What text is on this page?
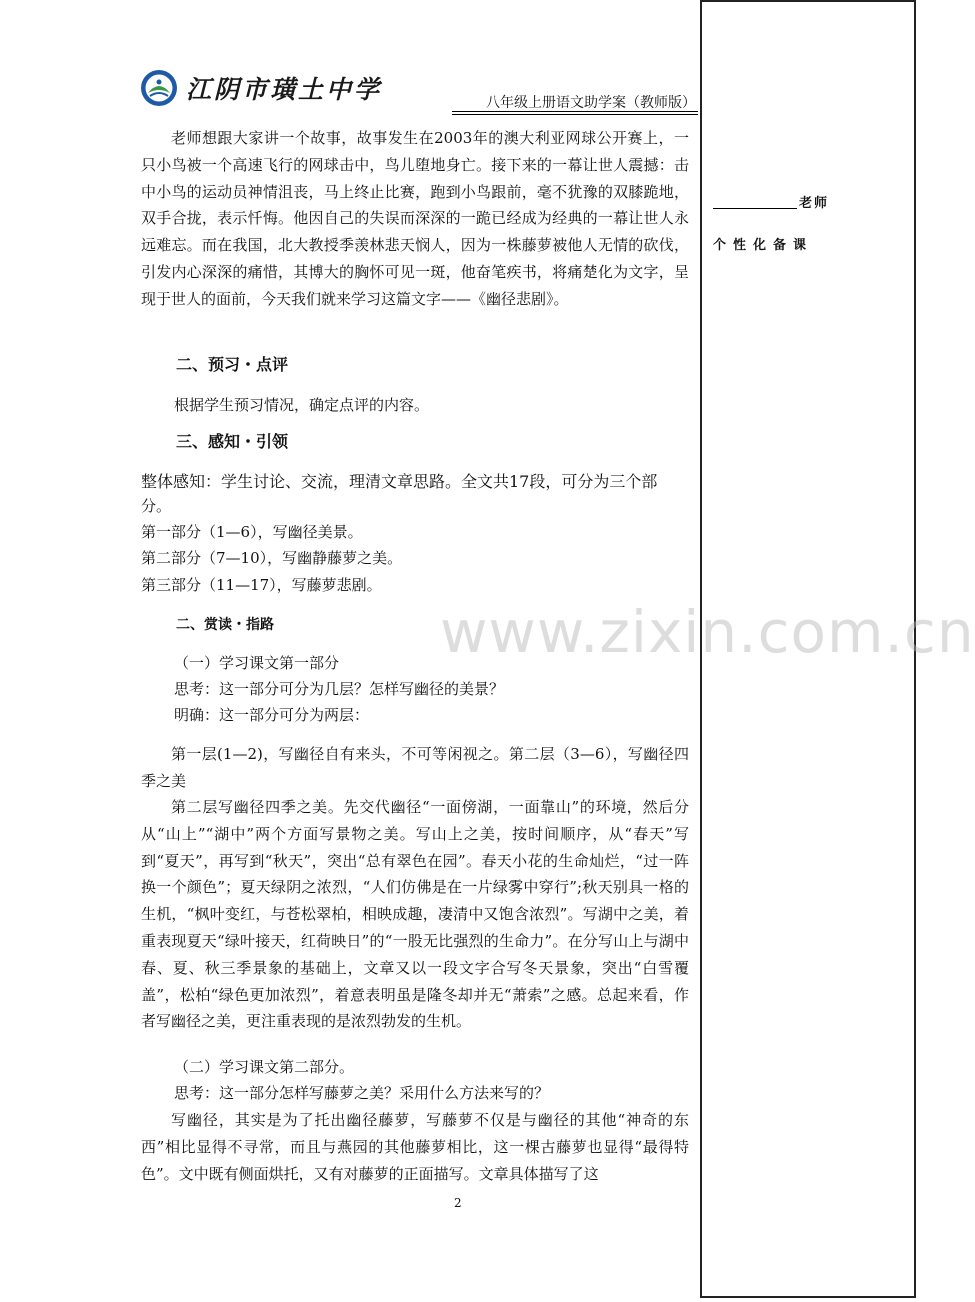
江阴市璜土中学	八年级上册语文助学案（教师版）
老师
个性化备课
老师想跟大家讲一个故事，故事发生在2003年的澳大利亚网球公开赛上，一只小鸟被一个高速飞行的网球击中，鸟儿堕地身亡。接下来的一幕让世人震撼：击中小鸟的运动员神情沮丧，马上终止比赛，跑到小鸟跟前，毫不犹豫的双膝跪地，双手合拢，表示忏悔。他因自己的失误而深深的一跪已经成为经典的一幕让世人永远难忘。而在我国，北大教授季羡林悲天悯人，因为一株藤萝被他人无情的砍伐，引发内心深深的痛惜，其博大的胸怀可见一斑，他奋笔疾书，将痛楚化为文字，呈现于世人的面前，今天我们就来学习这篇文字——《幽径悲剧》。
二、预习・点评
根据学生预习情况，确定点评的内容。
三、感知・引领
整体感知：学生讨论、交流，理清文章思路。全文共17段，可分为三个部
分。
第一部分（1—6），写幽径美景。
第二部分（7—10），写幽静藤萝之美。
第三部分（11—17），写藤萝悲剧。
二、赏读・指路
（一）学习课文第一部分
思考：这一部分可分为几层？怎样写幽径的美景？
明确：这一部分可分为两层：
第一层(1—2)，写幽径自有来头，不可等闲视之。第二层（3—6），写幽径四季之美
第二层写幽径四季之美。先交代幽径“一面傍湖，一面靠山”的环境，然后分从“山上”“湖中”两个方面写景物之美。写山上之美，按时间顺序，从“春天”写到“夏天”，再写到“秋天”，突出“总有翠色在园”。春天小花的生命灿烂，“过一阵换一个颜色”；夏天绿阴之浓烈，“人们仿佛是在一片绿雾中穿行”;秋天别具一格的生机，“枫叶变红，与苍松翠柏，相映成趣，凄清中又饱含浓烈”。写湖中之美，着重表现夏天“绿叶接天，红荷映日”的“一股无比强烈的生命力”。在分写山上与湖中春、夏、秋三季景象的基础上，文章又以一段文字合写冬天景象，突出“白雪覆盖”，松柏“绿色更加浓烈”，着意表明虽是隆冬却并无“萧索”之感。总起来看，作者写幽径之美，更注重表现的是浓烈勃发的生机。
（二）学习课文第二部分。
思考：这一部分怎样写藤萝之美？采用什么方法来写的？
写幽径，其实是为了托出幽径藤萝，写藤萝不仅是与幽径的其他“神奇的东西”相比显得不寻常，而且与燕园的其他藤萝相比，这一棵古藤萝也显得“最得特色”。文中既有侧面烘托，又有对藤萝的正面描写。文章具体描写了这
www.zixin.com.cn
2
